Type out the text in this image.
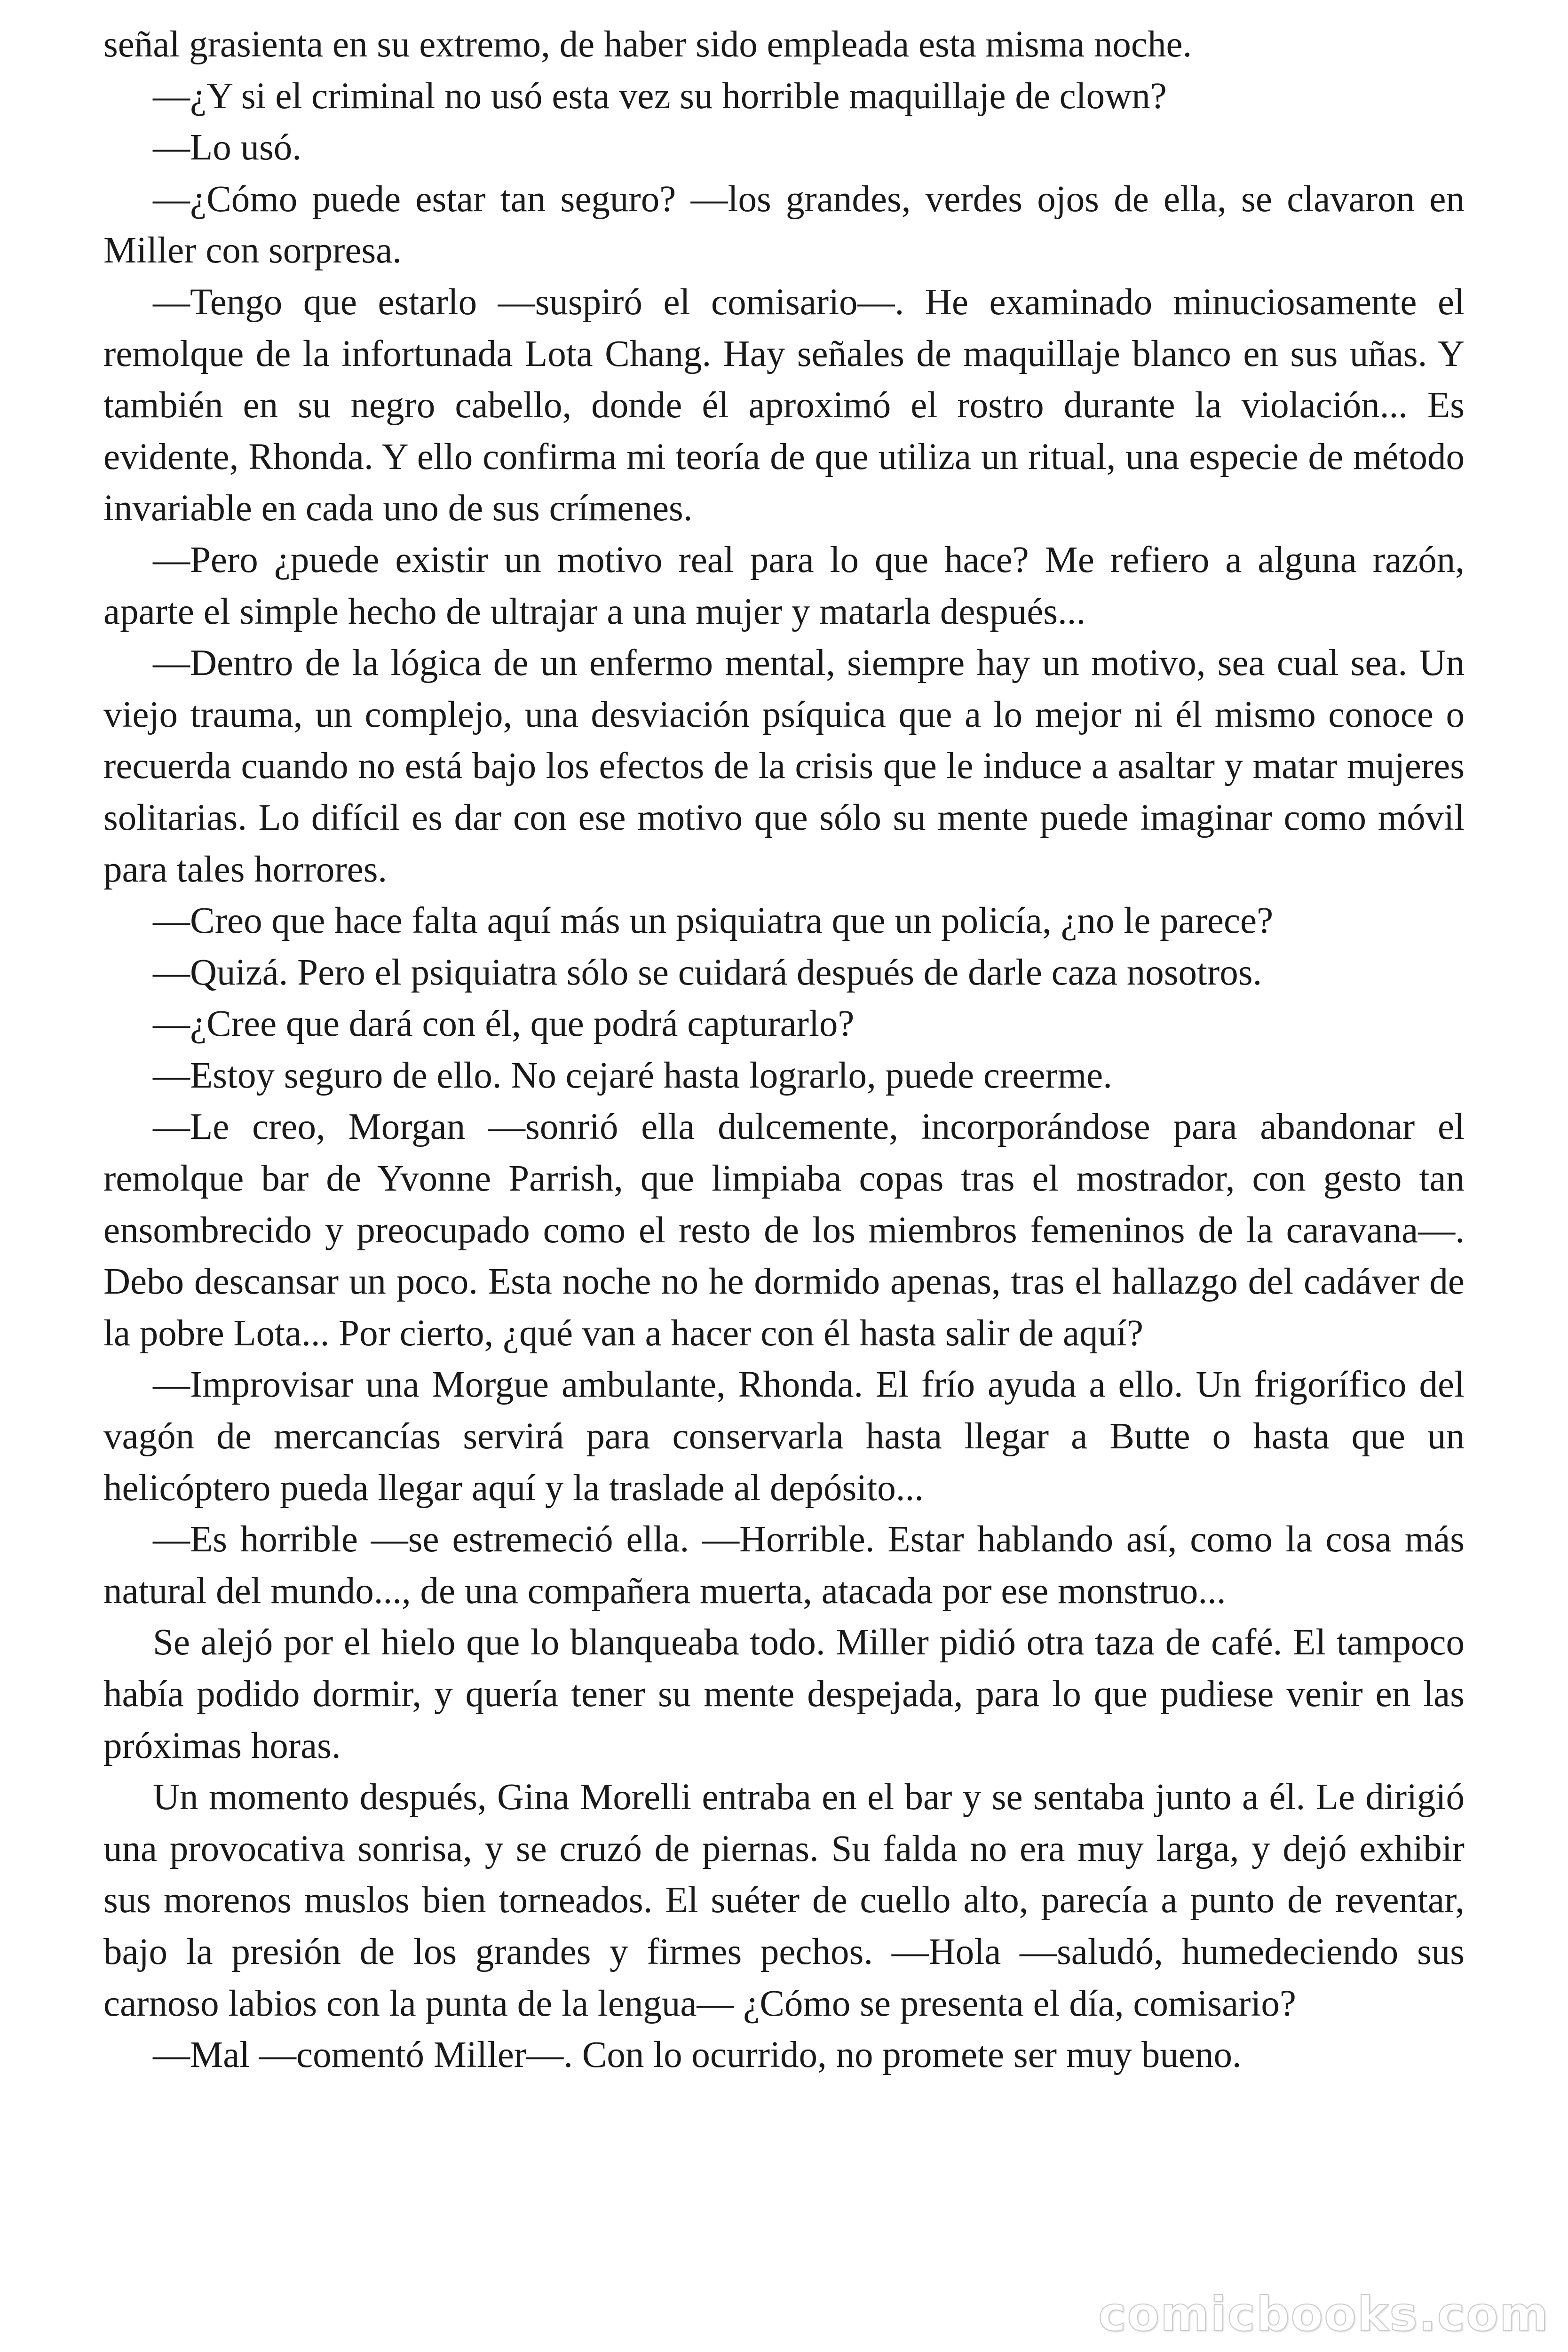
señal grasienta en su extremo, de haber sido empleada esta misma noche.

—¿Y si el criminal no usó esta vez su horrible maquillaje de clown?

—Lo usó.

—¿Cómo puede estar tan seguro? —los grandes, verdes ojos de ella, se clavaron en Miller con sorpresa.

—Tengo que estarlo —suspiró el comisario—. He examinado minuciosamente el remolque de la infortunada Lota Chang. Hay señales de maquillaje blanco en sus uñas. Y también en su negro cabello, donde él aproximó el rostro durante la violación... Es evidente, Rhonda. Y ello confirma mi teoría de que utiliza un ritual, una especie de método invariable en cada uno de sus crímenes.

—Pero ¿puede existir un motivo real para lo que hace? Me refiero a alguna razón, aparte el simple hecho de ultrajar a una mujer y matarla después...

—Dentro de la lógica de un enfermo mental, siempre hay un motivo, sea cual sea. Un viejo trauma, un complejo, una desviación psíquica que a lo mejor ni él mismo conoce o recuerda cuando no está bajo los efectos de la crisis que le induce a asaltar y matar mujeres solitarias. Lo difícil es dar con ese motivo que sólo su mente puede imaginar como móvil para tales horrores.

—Creo que hace falta aquí más un psiquiatra que un policía, ¿no le parece?

—Quizá. Pero el psiquiatra sólo se cuidará después de darle caza nosotros.

—¿Cree que dará con él, que podrá capturarlo?

—Estoy seguro de ello. No cejaré hasta lograrlo, puede creerme.

—Le creo, Morgan —sonrió ella dulcemente, incorporándose para abandonar el remolque bar de Yvonne Parrish, que limpiaba copas tras el mostrador, con gesto tan ensombrecido y preocupado como el resto de los miembros femeninos de la caravana—. Debo descansar un poco. Esta noche no he dormido apenas, tras el hallazgo del cadáver de la pobre Lota... Por cierto, ¿qué van a hacer con él hasta salir de aquí?

—Improvisar una Morgue ambulante, Rhonda. El frío ayuda a ello. Un frigorífico del vagón de mercancías servirá para conservarla hasta llegar a Butte o hasta que un helicóptero pueda llegar aquí y la traslade al depósito...

—Es horrible —se estremeció ella. —Horrible. Estar hablando así, como la cosa más natural del mundo..., de una compañera muerta, atacada por ese monstruo...

Se alejó por el hielo que lo blanqueaba todo. Miller pidió otra taza de café. El tampoco había podido dormir, y quería tener su mente despejada, para lo que pudiese venir en las próximas horas.

Un momento después, Gina Morelli entraba en el bar y se sentaba junto a él. Le dirigió una provocativa sonrisa, y se cruzó de piernas. Su falda no era muy larga, y dejó exhibir sus morenos muslos bien torneados. El suéter de cuello alto, parecía a punto de reventar, bajo la presión de los grandes y firmes pechos. —Hola —saludó, humedeciendo sus carnoso labios con la punta de la lengua— ¿Cómo se presenta el día, comisario?

—Mal —comentó Miller—. Con lo ocurrido, no promete ser muy bueno.

comicbooks.com
